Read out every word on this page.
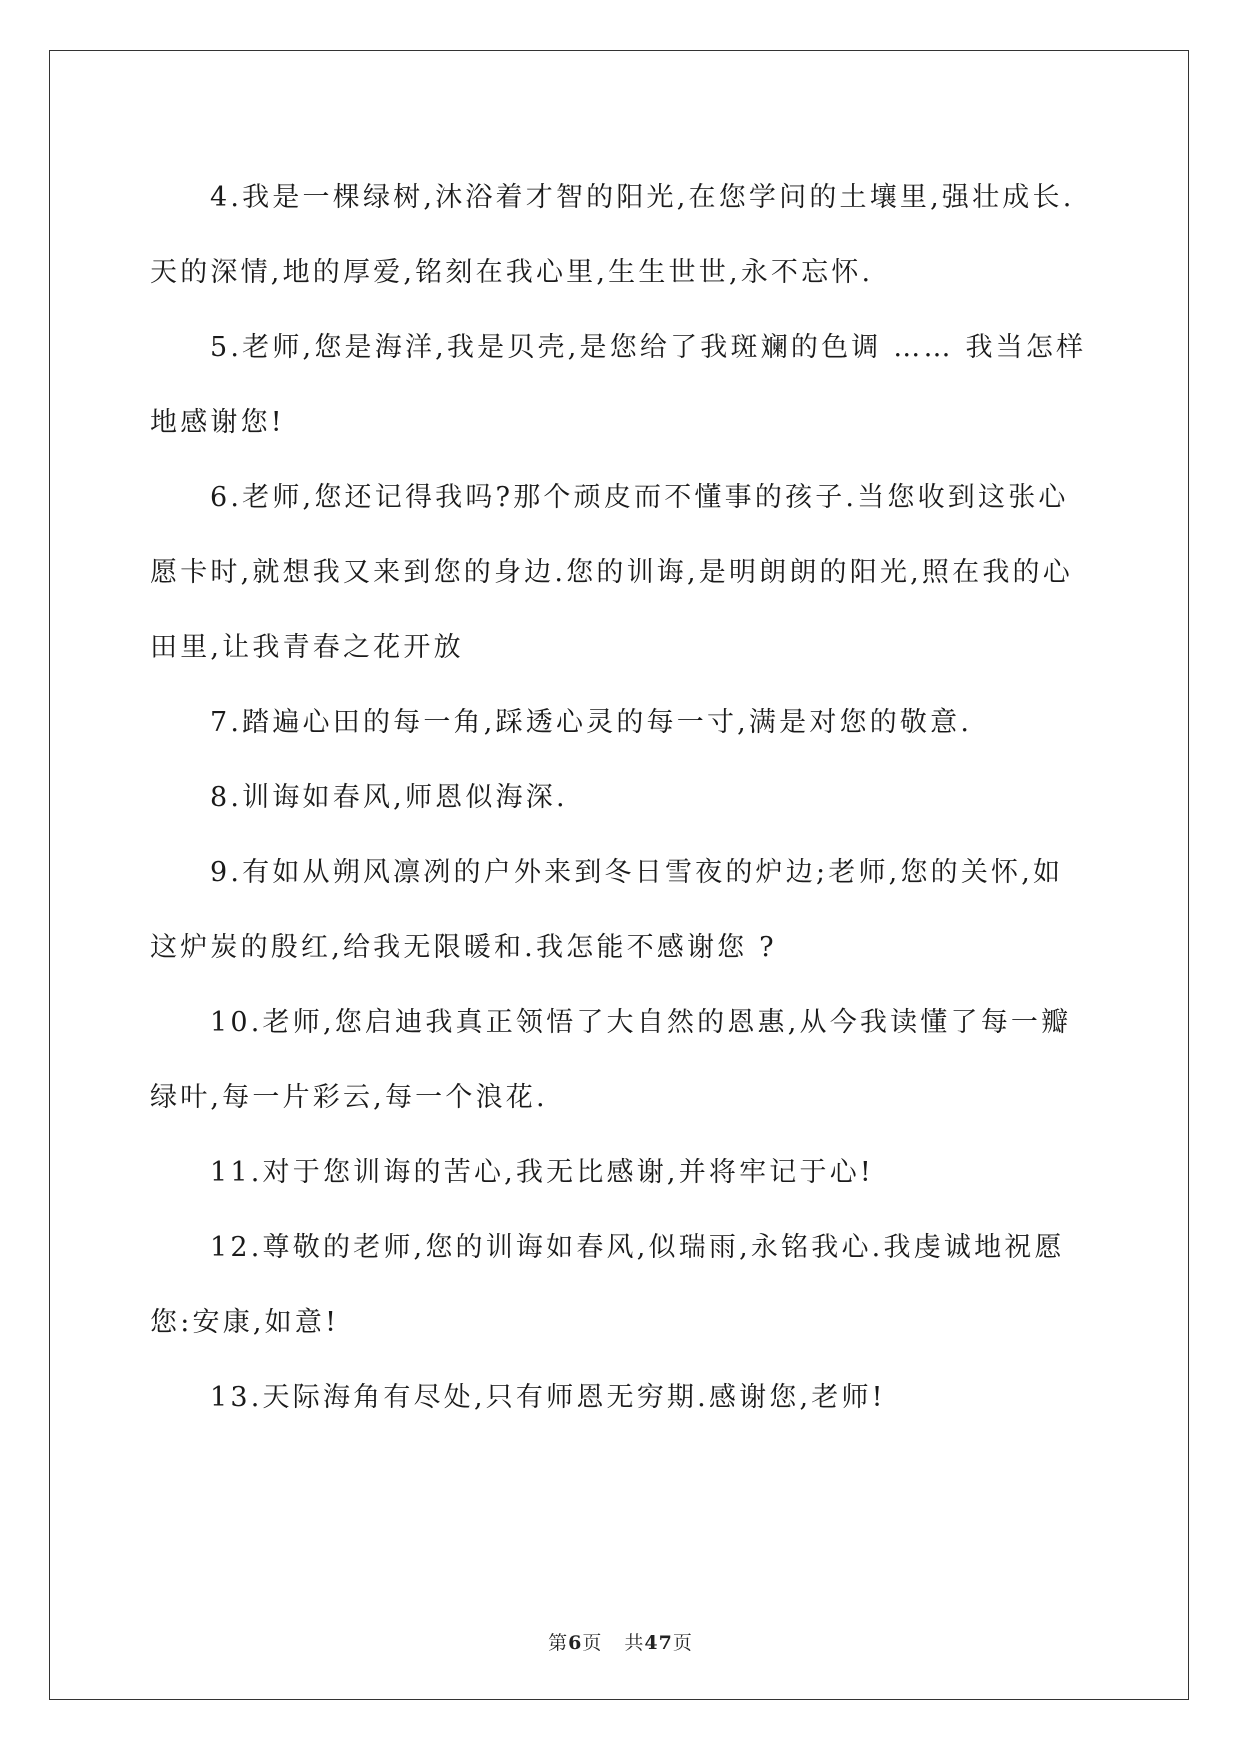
4.我是一棵绿树,沐浴着才智的阳光,在您学问的土壤里,强壮成长.天的深情,地的厚爱,铭刻在我心里,生生世世,永不忘怀.

5.老师,您是海洋,我是贝壳,是您给了我斑斓的色调 …… 我当怎样地感谢您!

6.老师,您还记得我吗?那个顽皮而不懂事的孩子.当您收到这张心愿卡时,就想我又来到您的身边.您的训诲,是明朗朗的阳光,照在我的心田里,让我青春之花开放

7.踏遍心田的每一角,踩透心灵的每一寸,满是对您的敬意.

8.训诲如春风,师恩似海深.

9.有如从朔风凛冽的户外来到冬日雪夜的炉边;老师,您的关怀,如这炉炭的殷红,给我无限暖和.我怎能不感谢您 ?

10.老师,您启迪我真正领悟了大自然的恩惠,从今我读懂了每一瓣绿叶,每一片彩云,每一个浪花.

11.对于您训诲的苦心,我无比感谢,并将牢记于心!

12.尊敬的老师,您的训诲如春风,似瑞雨,永铭我心.我虔诚地祝愿您:安康,如意!

13.天际海角有尽处,只有师恩无穷期.感谢您,老师!

第6页 共47页
